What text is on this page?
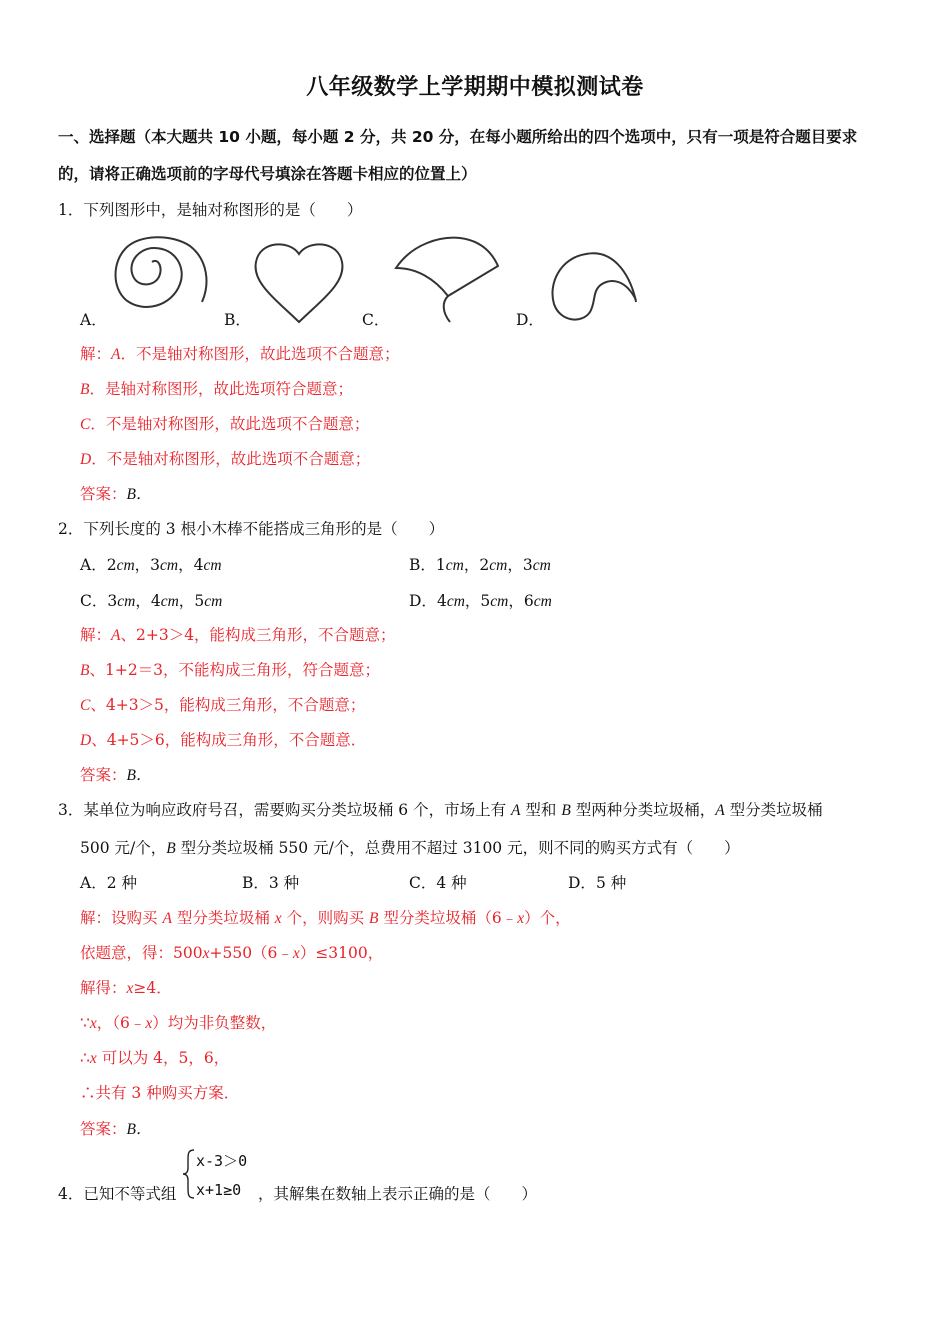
八年级数学上学期期中模拟测试卷
一、选择题（本大题共 10 小题，每小题 2 分，共 20 分，在每小题所给出的四个选项中，只有一项是符合题目要求
的，请将正确选项前的字母代号填涂在答题卡相应的位置上）
1．下列图形中，是轴对称图形的是（　　）
A．	B．	C．	D．
解：A．不是轴对称图形，故此选项不合题意；
B．是轴对称图形，故此选项符合题意；
C．不是轴对称图形，故此选项不合题意；
D．不是轴对称图形，故此选项不合题意；
答案：B．
2．下列长度的 3 根小木棒不能搭成三角形的是（　　）
A．2cm，3cm，4cm	B．1cm，2cm，3cm
C．3cm，4cm，5cm	D．4cm，5cm，6cm
解：A、2+3＞4，能构成三角形，不合题意；
B、1+2＝3，不能构成三角形，符合题意；
C、4+3＞5，能构成三角形，不合题意；
D、4+5＞6，能构成三角形，不合题意．
答案：B．
3．某单位为响应政府号召，需要购买分类垃圾桶 6 个，市场上有 A 型和 B 型两种分类垃圾桶，A 型分类垃圾桶
500 元/个，B 型分类垃圾桶 550 元/个，总费用不超过 3100 元，则不同的购买方式有（　　）
A．2 种	B．3 种	C．4 种	D．5 种
解：设购买 A 型分类垃圾桶 x 个，则购买 B 型分类垃圾桶（6﹣x）个，
依题意，得：500x+550（6﹣x）≤3100，
解得：x≥4．
∵x，（6﹣x）均为非负整数，
∴x 可以为 4，5，6，
∴共有 3 种购买方案．
答案：B．
4．已知不等式组
x-3＞0
x+1≥0 ，其解集在数轴上表示正确的是（　　）
